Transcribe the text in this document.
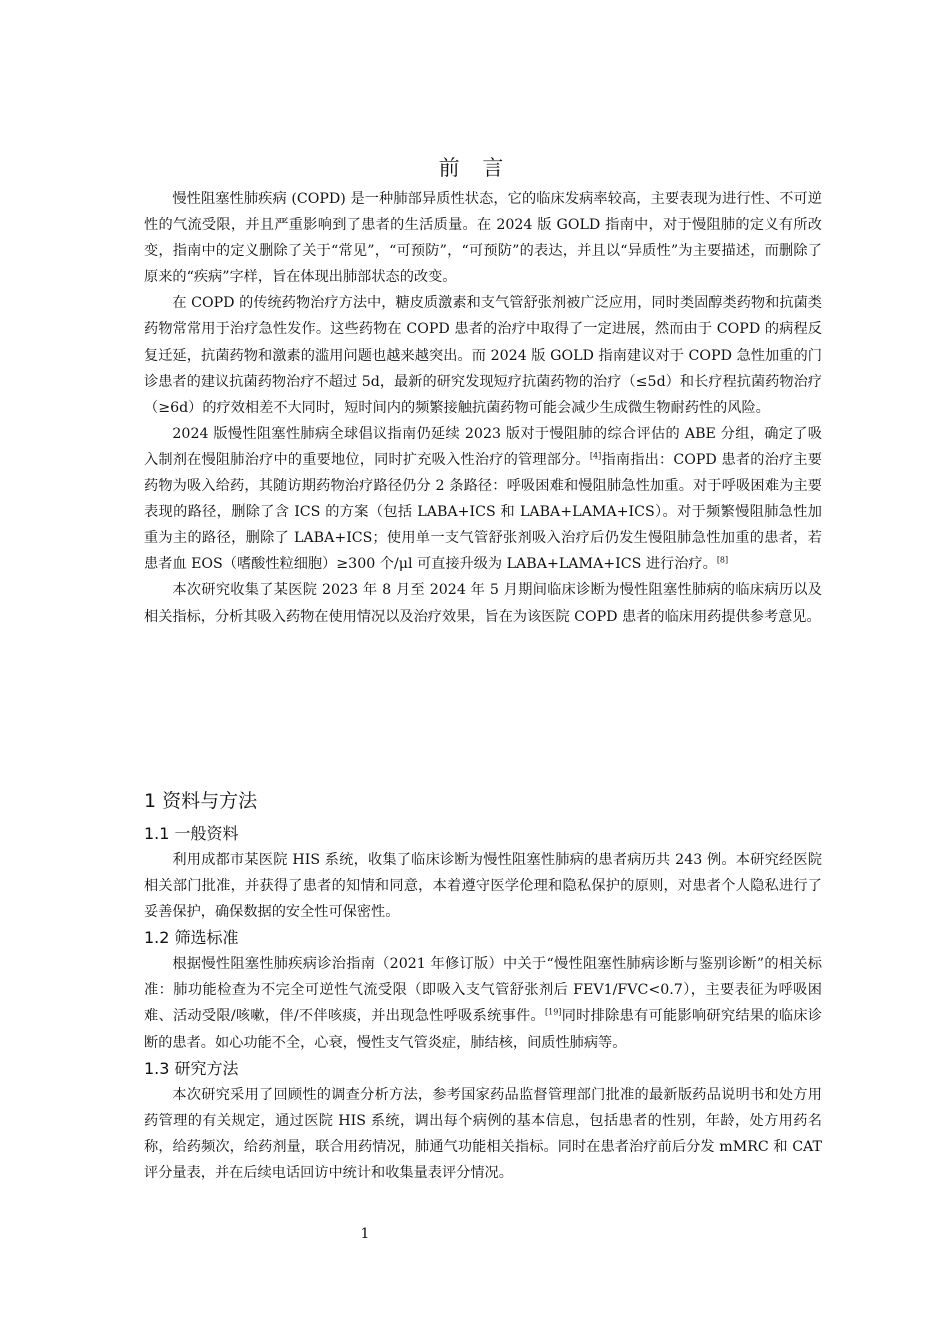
前 言

慢性阻塞性肺疾病 (COPD) 是一种肺部异质性状态，它的临床发病率较高，主要表现为进行性、不可逆性的气流受限，并且严重影响到了患者的生活质量。在 2024 版 GOLD 指南中，对于慢阻肺的定义有所改变，指南中的定义删除了关于“常见”，“可预防”，“可预防”的表达，并且以“异质性”为主要描述，而删除了原来的“疾病”字样，旨在体现出肺部状态的改变。

在 COPD 的传统药物治疗方法中，糖皮质激素和支气管舒张剂被广泛应用，同时类固醇类药物和抗菌类药物常常用于治疗急性发作。这些药物在 COPD 患者的治疗中取得了一定进展，然而由于 COPD 的病程反复迁延，抗菌药物和激素的滥用问题也越来越突出。而 2024 版 GOLD 指南建议对于 COPD 急性加重的门诊患者的建议抗菌药物治疗不超过 5d，最新的研究发现短疗抗菌药物的治疗（≤5d）和长疗程抗菌药物治疗（≥6d）的疗效相差不大同时，短时间内的频繁接触抗菌药物可能会减少生成微生物耐药性的风险。

2024 版慢性阻塞性肺病全球倡议指南仍延续 2023 版对于慢阻肺的综合评估的 ABE 分组，确定了吸入制剂在慢阻肺治疗中的重要地位，同时扩充吸入性治疗的管理部分。[4]指南指出：COPD 患者的治疗主要药物为吸入给药，其随访期药物治疗路径仍分 2 条路径：呼吸困难和慢阻肺急性加重。对于呼吸困难为主要表现的路径，删除了含 ICS 的方案（包括 LABA+ICS 和 LABA+LAMA+ICS）。对于频繁慢阻肺急性加重为主的路径，删除了 LABA+ICS；使用单一支气管舒张剂吸入治疗后仍发生慢阻肺急性加重的患者，若患者血 EOS（嗜酸性粒细胞）≥300 个/μl 可直接升级为 LABA+LAMA+ICS 进行治疗。[8]

本次研究收集了某医院 2023 年 8 月至 2024 年 5 月期间临床诊断为慢性阻塞性肺病的临床病历以及相关指标，分析其吸入药物在使用情况以及治疗效果，旨在为该医院 COPD 患者的临床用药提供参考意见。

1 资料与方法
1.1 一般资料

利用成都市某医院 HIS 系统，收集了临床诊断为慢性阻塞性肺病的患者病历共 243 例。本研究经医院相关部门批准，并获得了患者的知情和同意，本着遵守医学伦理和隐私保护的原则，对患者个人隐私进行了妥善保护，确保数据的安全性可保密性。

1.2 筛选标准

根据慢性阻塞性肺疾病诊治指南（2021 年修订版）中关于“慢性阻塞性肺病诊断与鉴别诊断”的相关标准：肺功能检查为不完全可逆性气流受限（即吸入支气管舒张剂后 FEV1/FVC<0.7），主要表征为呼吸困难、活动受限/咳嗽，伴/不伴咳痰，并出现急性呼吸系统事件。[19]同时排除患有可能影响研究结果的临床诊断的患者。如心功能不全，心衰，慢性支气管炎症，肺结核，间质性肺病等。

1.3 研究方法

本次研究采用了回顾性的调查分析方法，参考国家药品监督管理部门批准的最新版药品说明书和处方用药管理的有关规定，通过医院 HIS 系统，调出每个病例的基本信息，包括患者的性别，年龄，处方用药名称，给药频次，给药剂量，联合用药情况，肺通气功能相关指标。同时在患者治疗前后分发 mMRC 和 CAT 评分量表，并在后续电话回访中统计和收集量表评分情况。

1
